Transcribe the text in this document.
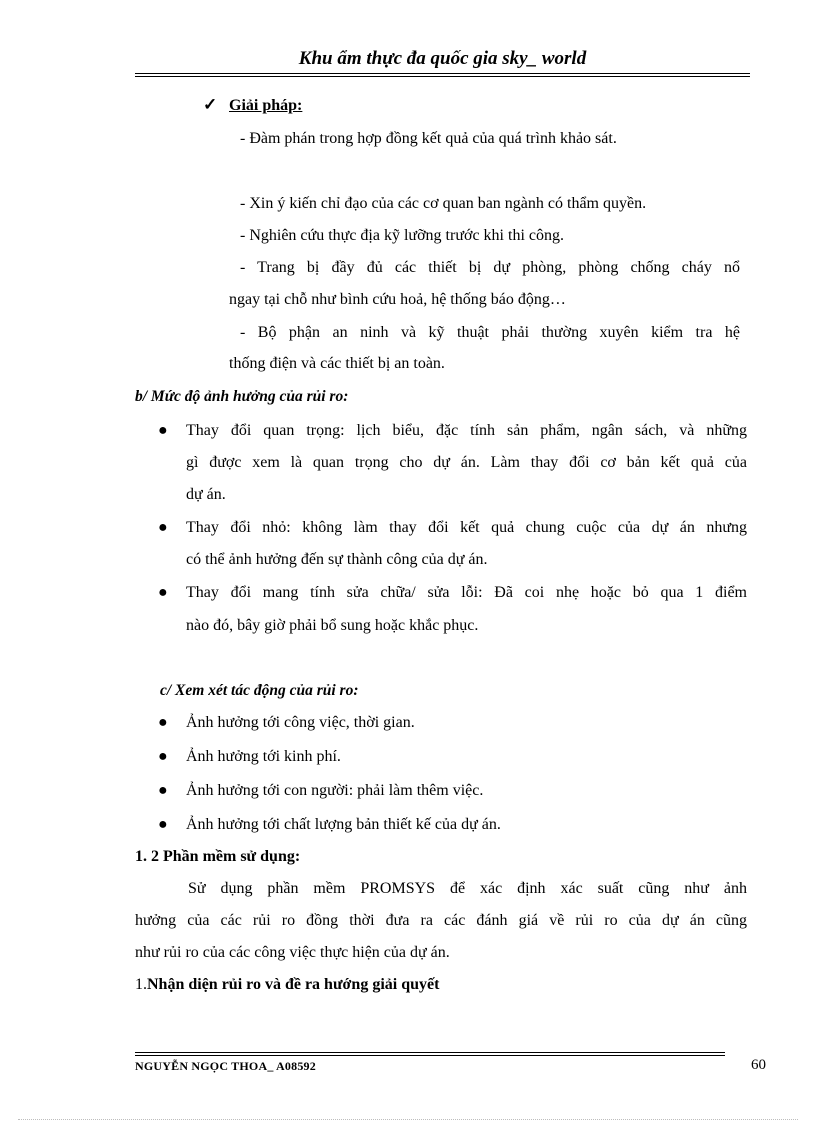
Khu ẩm thực đa quốc gia sky_ world
✓ Giải pháp:
- Đàm phán trong hợp đồng kết quả của quá trình khảo sát.
- Xin ý kiến chỉ đạo của các cơ quan ban ngành có thẩm quyền.
- Nghiên cứu thực địa kỹ lưỡng trước khi thi công.
- Trang bị đầy đủ các thiết bị dự phòng, phòng chống cháy nổ
ngay tại chỗ như bình cứu hoả, hệ thống báo động…
- Bộ phận an ninh và kỹ thuật phải thường xuyên kiểm tra hệ
thống điện và các thiết bị an toàn.
b/ Mức độ ảnh hưởng của rủi ro:
● Thay đổi quan trọng: lịch biểu, đặc tính sản phẩm, ngân sách, và những
gì được xem là quan trọng cho dự án. Làm thay đổi cơ bản kết quả của
dự án.
● Thay đổi nhỏ: không làm thay đổi kết quả chung cuộc của dự án nhưng
có thể ảnh hưởng đến sự thành công của dự án.
● Thay đổi mang tính sửa chữa/ sửa lỗi: Đã coi nhẹ hoặc bỏ qua 1 điểm
nào đó, bây giờ phải bổ sung hoặc khắc phục.
c/ Xem xét tác động của rủi ro:
● Ảnh hưởng tới công việc, thời gian.
● Ảnh hưởng tới kinh phí.
● Ảnh hưởng tới con người: phải làm thêm việc.
● Ảnh hưởng tới chất lượng bản thiết kế của dự án.
1. 2 Phần mềm sử dụng:
Sử dụng phần mềm PROMSYS để xác định xác suất cũng như ảnh
hưởng của các rủi ro đồng thời đưa ra các đánh giá về rủi ro của dự án cũng
như rủi ro của các công việc thực hiện của dự án.
1.Nhận diện rủi ro và đề ra hướng giải quyết
NGUYỄN NGỌC THOA_ A08592	60
